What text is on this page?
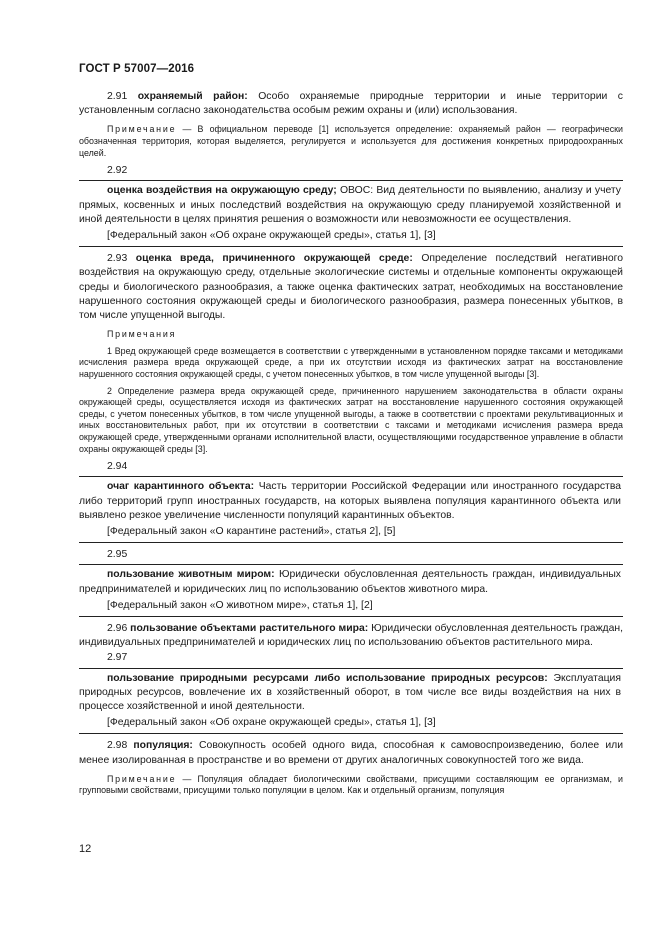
ГОСТ Р 57007—2016

2.91 охраняемый район: Особо охраняемые природные территории и иные территории с установленным согласно законодательства особым режим охраны и (или) использования.

Примечание — В официальном переводе [1] используется определение: охраняемый район — географически обозначенная территория, которая выделяется, регулируется и используется для достижения конкретных природоохранных целей.

2.92

оценка воздействия на окружающую среду; ОВОС: Вид деятельности по выявлению, анализу и учету прямых, косвенных и иных последствий воздействия на окружающую среду планируемой хозяйственной и иной деятельности в целях принятия решения о возможности или невозможности ее осуществления.

[Федеральный закон «Об охране окружающей среды», статья 1], [3]

2.93 оценка вреда, причиненного окружающей среде: Определение последствий негативного воздействия на окружающую среду, отдельные экологические системы и отдельные компоненты окружающей среды и биологического разнообразия, а также оценка фактических затрат, необходимых на восстановление нарушенного состояния окружающей среды и биологического разнообразия, размера понесенных убытков, в том числе упущенной выгоды.

Примечания

1 Вред окружающей среде возмещается в соответствии с утвержденными в установленном порядке таксами и методиками исчисления размера вреда окружающей среде, а при их отсутствии исходя из фактических затрат на восстановление нарушенного состояния окружающей среды, с учетом понесенных убытков, в том числе упущенной выгоды [3].

2 Определение размера вреда окружающей среде, причиненного нарушением законодательства в области охраны окружающей среды, осуществляется исходя из фактических затрат на восстановление нарушенного состояния окружающей среды, с учетом понесенных убытков, в том числе упущенной выгоды, а также в соответствии с проектами рекультивационных и иных восстановительных работ, при их отсутствии в соответствии с таксами и методиками исчисления размера вреда окружающей среде, утвержденными органами исполнительной власти, осуществляющими государственное управление в области охраны окружающей среды [3].

2.94

очаг карантинного объекта: Часть территории Российской Федерации или иностранного государства либо территорий групп иностранных государств, на которых выявлена популяция карантинного объекта или выявлено резкое увеличение численности популяций карантинных объектов.

[Федеральный закон «О карантине растений», статья 2], [5]

2.95

пользование животным миром: Юридически обусловленная деятельность граждан, индивидуальных предпринимателей и юридических лиц по использованию объектов животного мира.

[Федеральный закон «О животном мире», статья 1], [2]

2.96 пользование объектами растительного мира: Юридически обусловленная деятельность граждан, индивидуальных предпринимателей и юридических лиц по использованию объектов растительного мира.

2.97

пользование природными ресурсами либо использование природных ресурсов: Эксплуатация природных ресурсов, вовлечение их в хозяйственный оборот, в том числе все виды воздействия на них в процессе хозяйственной и иной деятельности.

[Федеральный закон «Об охране окружающей среды», статья 1], [3]

2.98 популяция: Совокупность особей одного вида, способная к самовоспроизведению, более или менее изолированная в пространстве и во времени от других аналогичных совокупностей того же вида.

Примечание — Популяция обладает биологическими свойствами, присущими составляющим ее организмам, и групповыми свойствами, присущими только популяции в целом. Как и отдельный организм, популяция

12
